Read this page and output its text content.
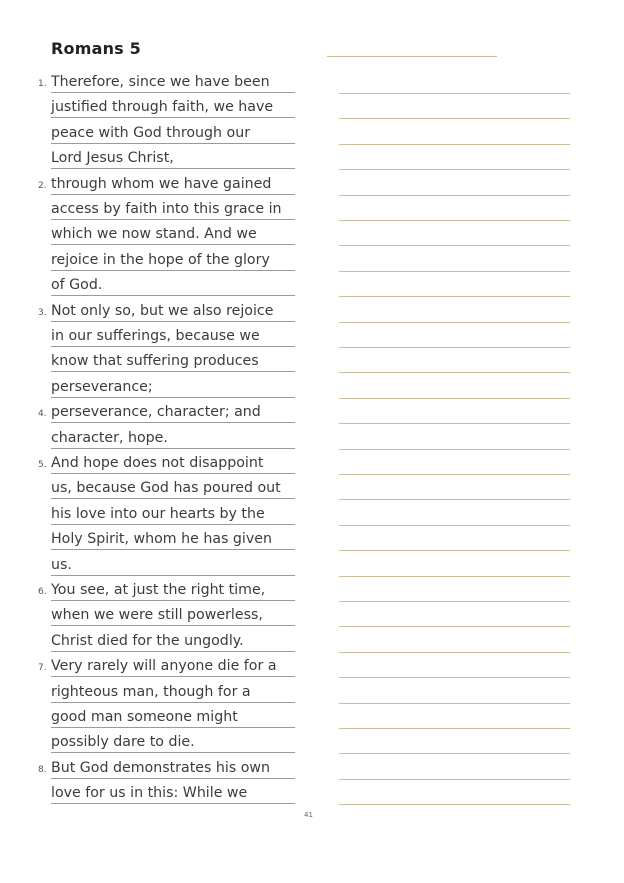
Romans 5
1. Therefore, since we have been
justified through faith, we have
peace with God through our
Lord Jesus Christ,
2. through whom we have gained
access by faith into this grace in
which we now stand. And we
rejoice in the hope of the glory
of God.
3. Not only so, but we also rejoice
in our sufferings, because we
know that suffering produces
perseverance;
4. perseverance, character; and
character, hope.
5. And hope does not disappoint
us, because God has poured out
his love into our hearts by the
Holy Spirit, whom he has given
us.
6. You see, at just the right time,
when we were still powerless,
Christ died for the ungodly.
7. Very rarely will anyone die for a
righteous man, though for a
good man someone might
possibly dare to die.
8. But God demonstrates his own
love for us in this: While we
41
